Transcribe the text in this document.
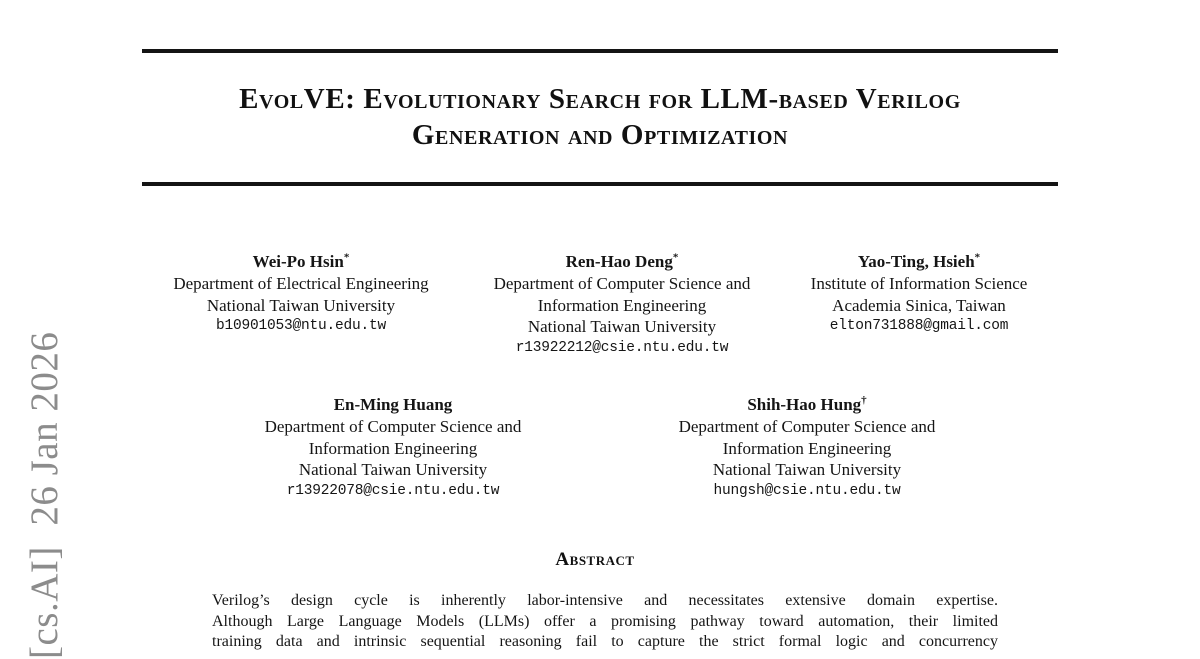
[cs.AI]  26 Jan 2026
EvolVE: Evolutionary Search for LLM-based Verilog
Generation and Optimization
Wei-Po Hsin*
Department of Electrical Engineering
National Taiwan University
b10901053@ntu.edu.tw
Ren-Hao Deng*
Department of Computer Science and
Information Engineering
National Taiwan University
r13922212@csie.ntu.edu.tw
Yao-Ting, Hsieh*
Institute of Information Science
Academia Sinica, Taiwan
elton731888@gmail.com
En-Ming Huang
Department of Computer Science and
Information Engineering
National Taiwan University
r13922078@csie.ntu.edu.tw
Shih-Hao Hung†
Department of Computer Science and
Information Engineering
National Taiwan University
hungsh@csie.ntu.edu.tw
Abstract
Verilog’s design cycle is inherently labor-intensive and necessitates extensive domain expertise.
Although Large Language Models (LLMs) offer a promising pathway toward automation, their limited
training data and intrinsic sequential reasoning fail to capture the strict formal logic and concurrency
